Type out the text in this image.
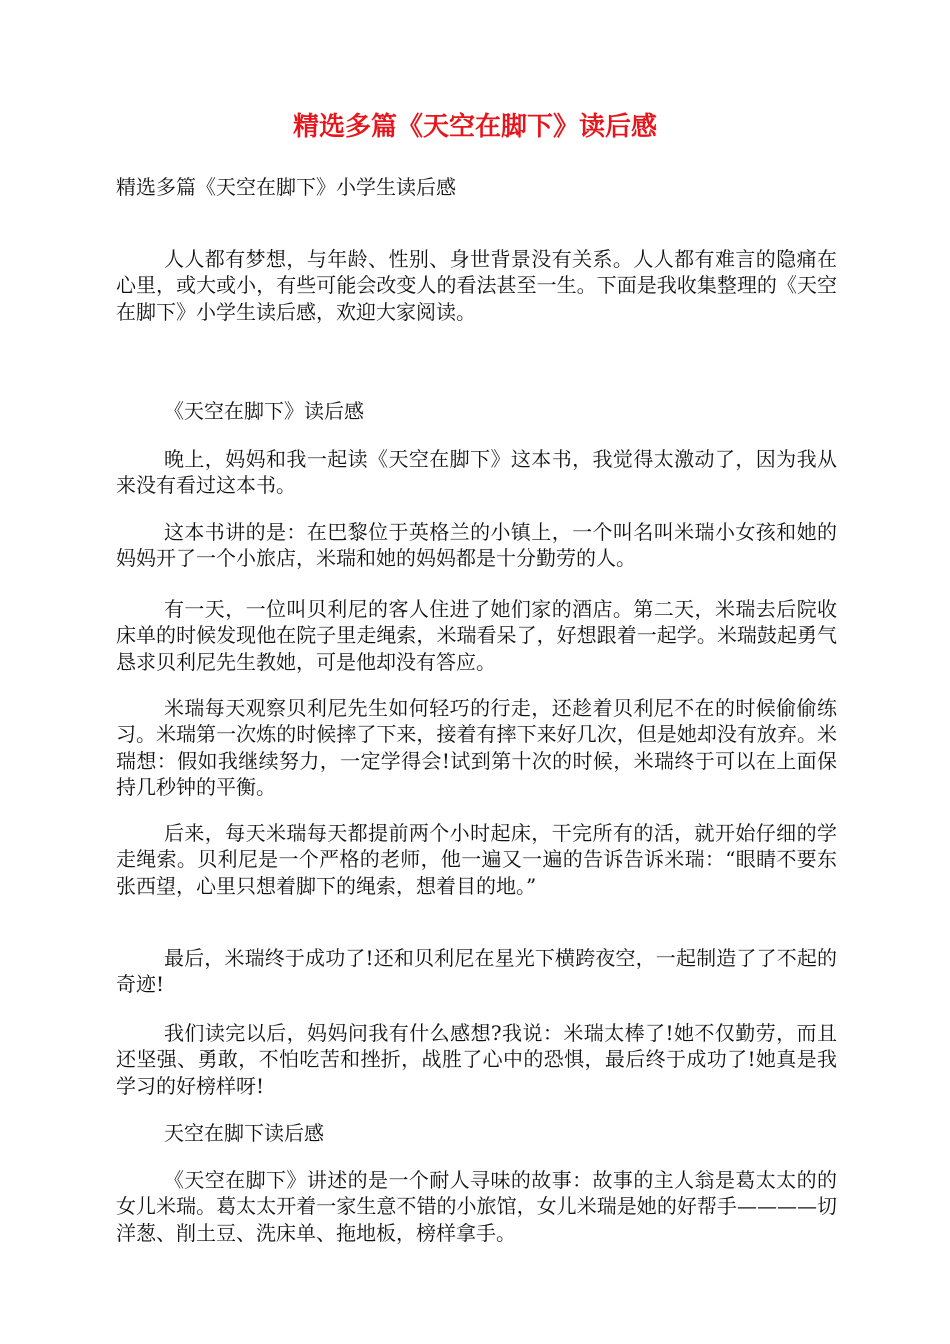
精选多篇《天空在脚下》读后感

精选多篇《天空在脚下》小学生读后感

人人都有梦想，与年龄、性别、身世背景没有关系。人人都有难言的隐痛在心里，或大或小，有些可能会改变人的看法甚至一生。下面是我收集整理的《天空在脚下》小学生读后感，欢迎大家阅读。

《天空在脚下》读后感

晚上，妈妈和我一起读《天空在脚下》这本书，我觉得太激动了，因为我从来没有看过这本书。

这本书讲的是：在巴黎位于英格兰的小镇上，一个叫名叫米瑞小女孩和她的妈妈开了一个小旅店，米瑞和她的妈妈都是十分勤劳的人。

有一天，一位叫贝利尼的客人住进了她们家的酒店。第二天，米瑞去后院收床单的时候发现他在院子里走绳索，米瑞看呆了，好想跟着一起学。米瑞鼓起勇气恳求贝利尼先生教她，可是他却没有答应。

米瑞每天观察贝利尼先生如何轻巧的行走，还趁着贝利尼不在的时候偷偷练习。米瑞第一次炼的时候摔了下来，接着有摔下来好几次，但是她却没有放弃。米瑞想：假如我继续努力，一定学得会!试到第十次的时候，米瑞终于可以在上面保持几秒钟的平衡。

后来，每天米瑞每天都提前两个小时起床，干完所有的活，就开始仔细的学走绳索。贝利尼是一个严格的老师，他一遍又一遍的告诉告诉米瑞：“眼睛不要东张西望，心里只想着脚下的绳索，想着目的地。”

最后，米瑞终于成功了!还和贝利尼在星光下横跨夜空，一起制造了了不起的奇迹!

我们读完以后，妈妈问我有什么感想?我说：米瑞太棒了!她不仅勤劳，而且还坚强、勇敢，不怕吃苦和挫折，战胜了心中的恐惧，最后终于成功了!她真是我学习的好榜样呀!

天空在脚下读后感

《天空在脚下》讲述的是一个耐人寻味的故事：故事的主人翁是葛太太的的女儿米瑞。葛太太开着一家生意不错的小旅馆，女儿米瑞是她的好帮手————切洋葱、削土豆、洗床单、拖地板，榜样拿手。
